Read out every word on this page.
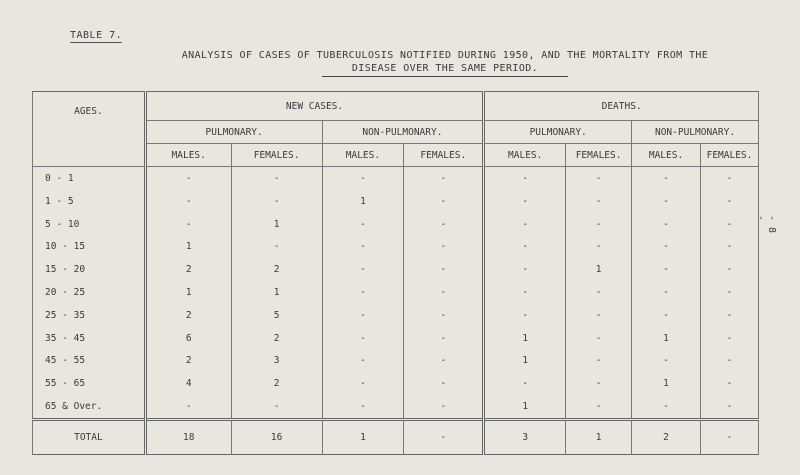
TABLE 7.
ANALYSIS OF CASES OF TUBERCULOSIS NOTIFIED DURING 1950, AND THE MORTALITY FROM THE
DISEASE OVER THE SAME PERIOD.
- 8 -
AGES.	NEW CASES.				DEATHS.			
	PULMONARY.		NON-PULMONARY.		PULMONARY.		NON-PULMONARY.	
	MALES.	FEMALES.	MALES.	FEMALES.	MALES.	FEMALES.	MALES.	FEMALES.
0 - 1	-	-	-	-	-	-	-	-
1 - 5	-	-	1	-	-	-	-	-
5 - 10	-	1	-	-	-	-	-	-
10 - 15	1	-	-	-	-	-	-	-
15 - 20	2	2	-	-	-	1	-	-
20 - 25	1	1	-	-	-	-	-	-
25 - 35	2	5	-	-	-	-	-	-
35 - 45	6	2	-	-	1	-	1	-
45 - 55	2	3	-	-	1	-	-	-
55 - 65	4	2	-	-	-	-	1	-
65 & Over.	-	-	-	-	1	-	-	-
TOTAL	18	16	1	-	3	1	2	-
